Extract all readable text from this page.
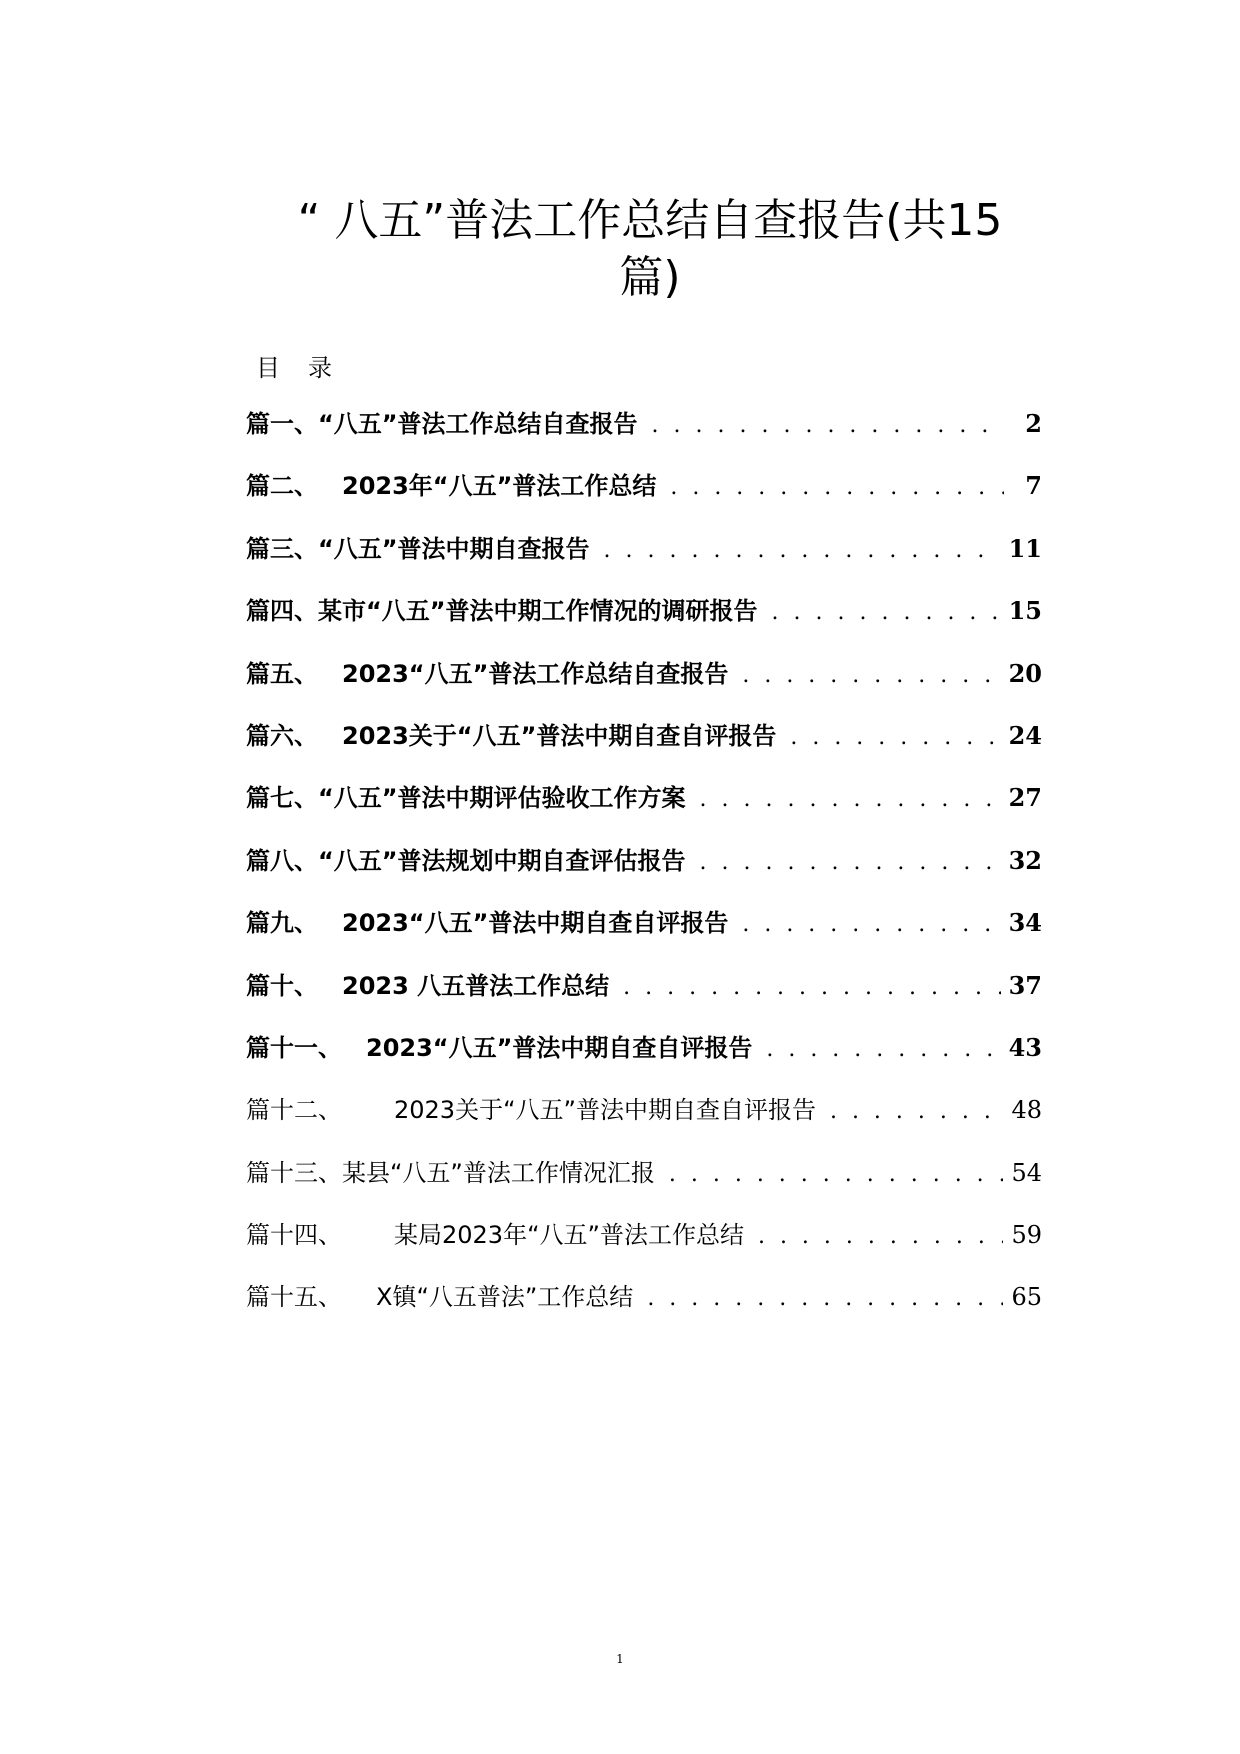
“ 八五”普法工作总结自查报告(共15
篇)
目录
篇一、 “八五”普法工作总结自查报告 . . .	2
篇二、	2023年“八五”普法工作总结 . . .	7
篇三、 “八五”普法中期自查报告 . . .	11
篇四、 某市“八五”普法中期工作情况的调研报告 . . .	15
篇五、	2023“八五”普法工作总结自查报告 . . .	20
篇六、	2023关于“八五”普法中期自查自评报告 . . .	24
篇七、 “八五”普法中期评估验收工作方案 . . .	27
篇八、 “八五”普法规划中期自查评估报告 . . .	32
篇九、	2023“八五”普法中期自查自评报告 . . .	34
篇十、	2023 八五普法工作总结 . . .	37
篇十一、	2023“八五”普法中期自查自评报告 . . .	43
篇十二、	2023关于“八五”普法中期自查自评报告 . . .	48
篇十三、 某县“八五”普法工作情况汇报 . . .	54
篇十四、	某局2023年“八五”普法工作总结 . . .	59
篇十五、	X镇“八五普法”工作总结 . . .	65
1
